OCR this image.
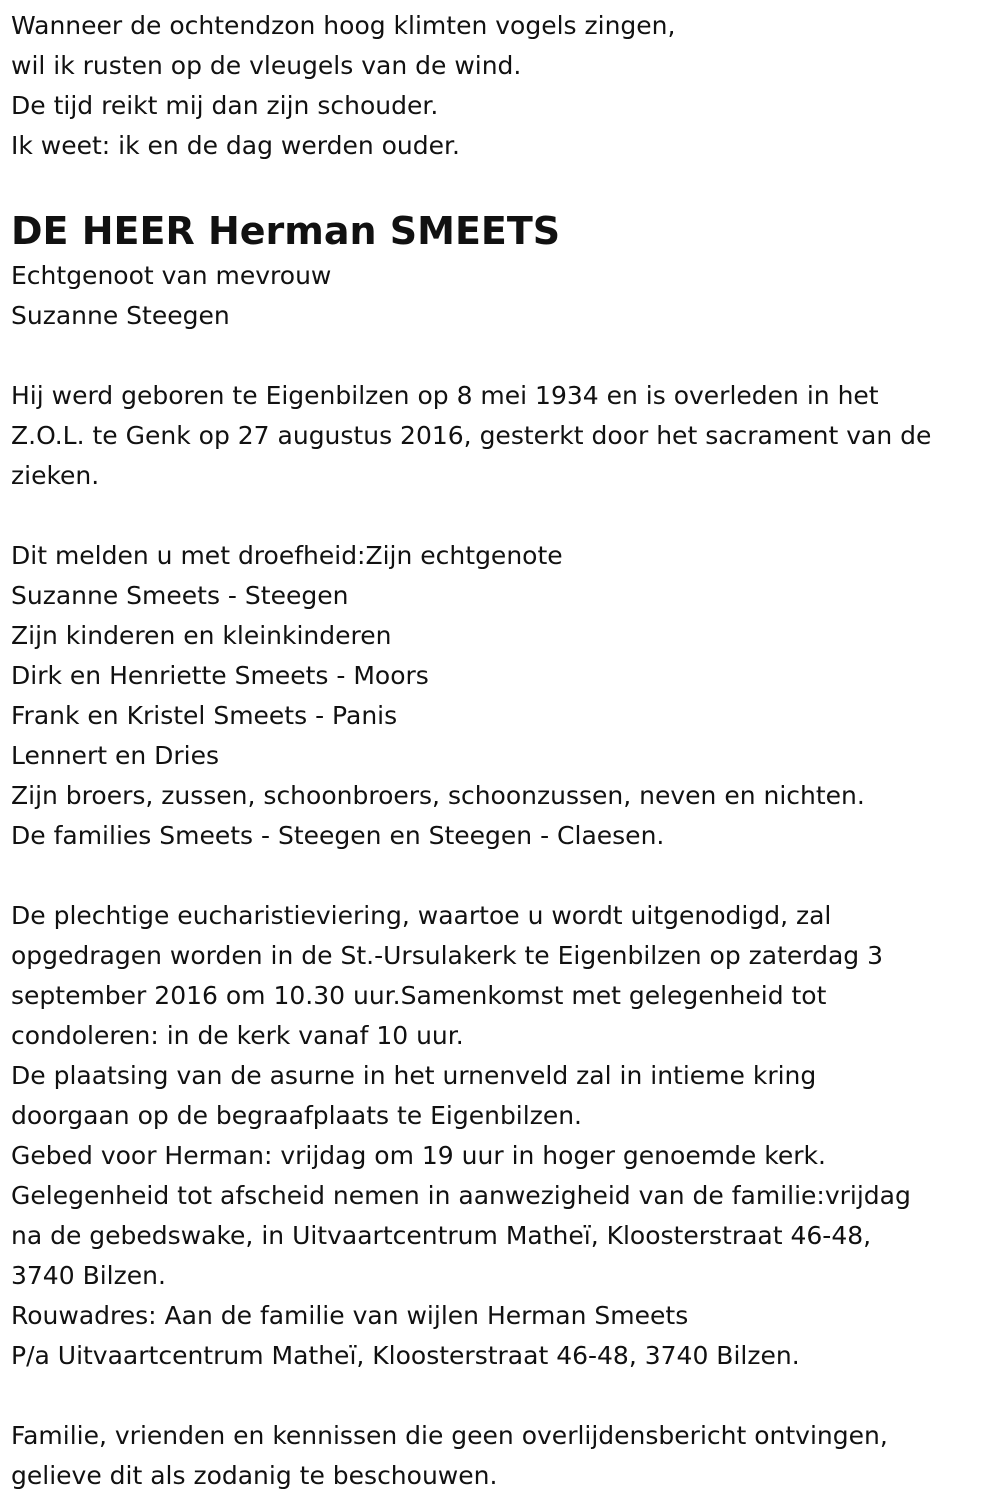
Wanneer de ochtendzon hoog klimten vogels zingen,

wil ik rusten op de vleugels van de wind.

De tijd reikt mij dan zijn schouder.

Ik weet: ik en de dag werden ouder.

DE HEER Herman SMEETS

Echtgenoot van mevrouw

Suzanne Steegen

Hij werd geboren te Eigenbilzen op 8 mei 1934 en is overleden in het

Z.O.L. te Genk op 27 augustus 2016, gesterkt door het sacrament van de

zieken.

Dit melden u met droefheid:Zijn echtgenote

Suzanne Smeets - Steegen

Zijn kinderen en kleinkinderen

Dirk en Henriette Smeets - Moors

Frank en Kristel Smeets - Panis

Lennert en Dries

Zijn broers, zussen, schoonbroers, schoonzussen, neven en nichten.

De families Smeets - Steegen en Steegen - Claesen.

De plechtige eucharistieviering, waartoe u wordt uitgenodigd, zal

opgedragen worden in de St.-Ursulakerk te Eigenbilzen op zaterdag 3

september 2016 om 10.30 uur.Samenkomst met gelegenheid tot

condoleren: in de kerk vanaf 10 uur.

De plaatsing van de asurne in het urnenveld zal in intieme kring

doorgaan op de begraafplaats te Eigenbilzen.

Gebed voor Herman: vrijdag om 19 uur in hoger genoemde kerk.

Gelegenheid tot afscheid nemen in aanwezigheid van de familie:vrijdag

na de gebedswake, in Uitvaartcentrum Matheï, Kloosterstraat 46-48,

3740 Bilzen.

Rouwadres: Aan de familie van wijlen Herman Smeets

P/a Uitvaartcentrum Matheï, Kloosterstraat 46-48, 3740 Bilzen.

Familie, vrienden en kennissen die geen overlijdensbericht ontvingen,

gelieve dit als zodanig te beschouwen.
